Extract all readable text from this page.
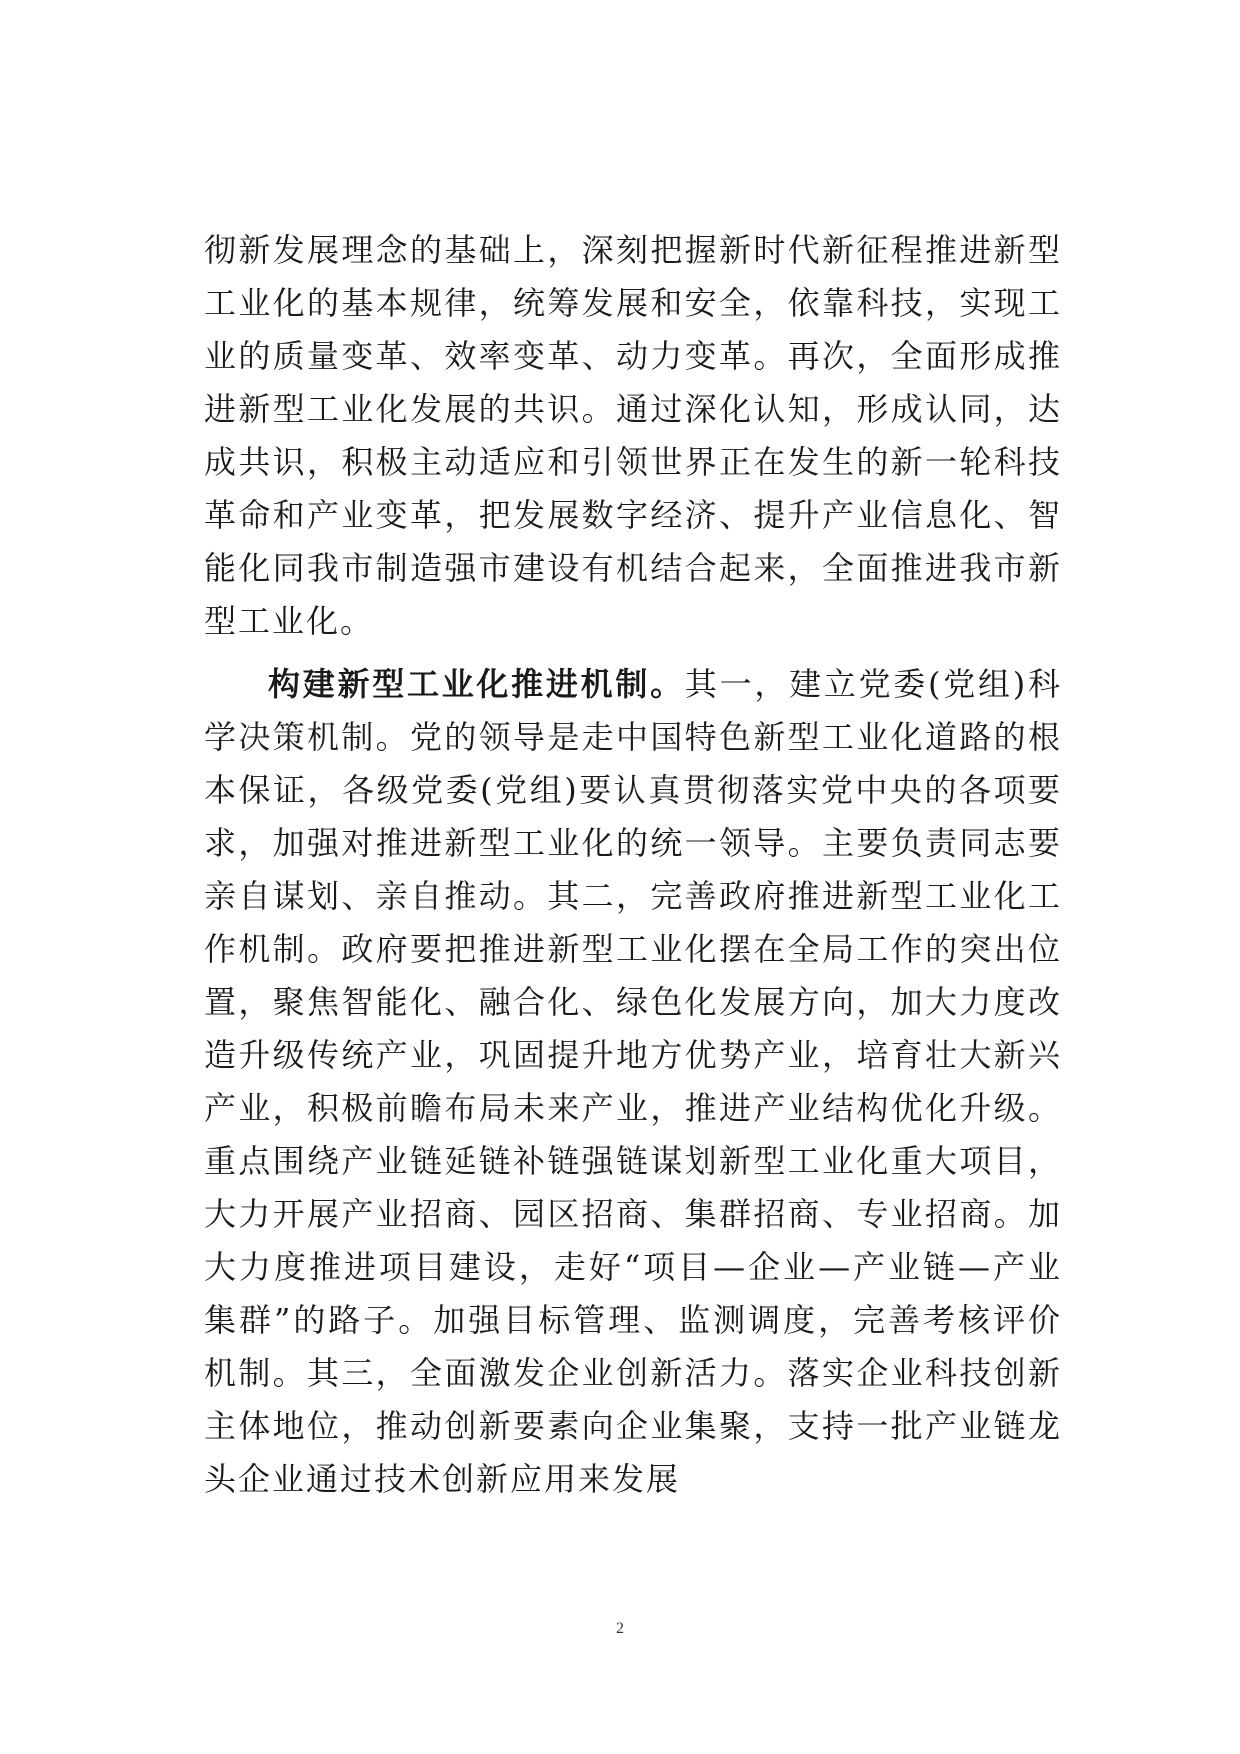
彻新发展理念的基础上，深刻把握新时代新征程推进新型工业化的基本规律，统筹发展和安全，依靠科技，实现工业的质量变革、效率变革、动力变革。再次，全面形成推进新型工业化发展的共识。通过深化认知，形成认同，达成共识，积极主动适应和引领世界正在发生的新一轮科技革命和产业变革，把发展数字经济、提升产业信息化、智能化同我市制造强市建设有机结合起来，全面推进我市新型工业化。

构建新型工业化推进机制。其一，建立党委(党组)科学决策机制。党的领导是走中国特色新型工业化道路的根本保证，各级党委(党组)要认真贯彻落实党中央的各项要求，加强对推进新型工业化的统一领导。主要负责同志要亲自谋划、亲自推动。其二，完善政府推进新型工业化工作机制。政府要把推进新型工业化摆在全局工作的突出位置，聚焦智能化、融合化、绿色化发展方向，加大力度改造升级传统产业，巩固提升地方优势产业，培育壮大新兴产业，积极前瞻布局未来产业，推进产业结构优化升级。重点围绕产业链延链补链强链谋划新型工业化重大项目，大力开展产业招商、园区招商、集群招商、专业招商。加大力度推进项目建设，走好“项目—企业—产业链—产业集群”的路子。加强目标管理、监测调度，完善考核评价机制。其三，全面激发企业创新活力。落实企业科技创新主体地位，推动创新要素向企业集聚，支持一批产业链龙头企业通过技术创新应用来发展

2
